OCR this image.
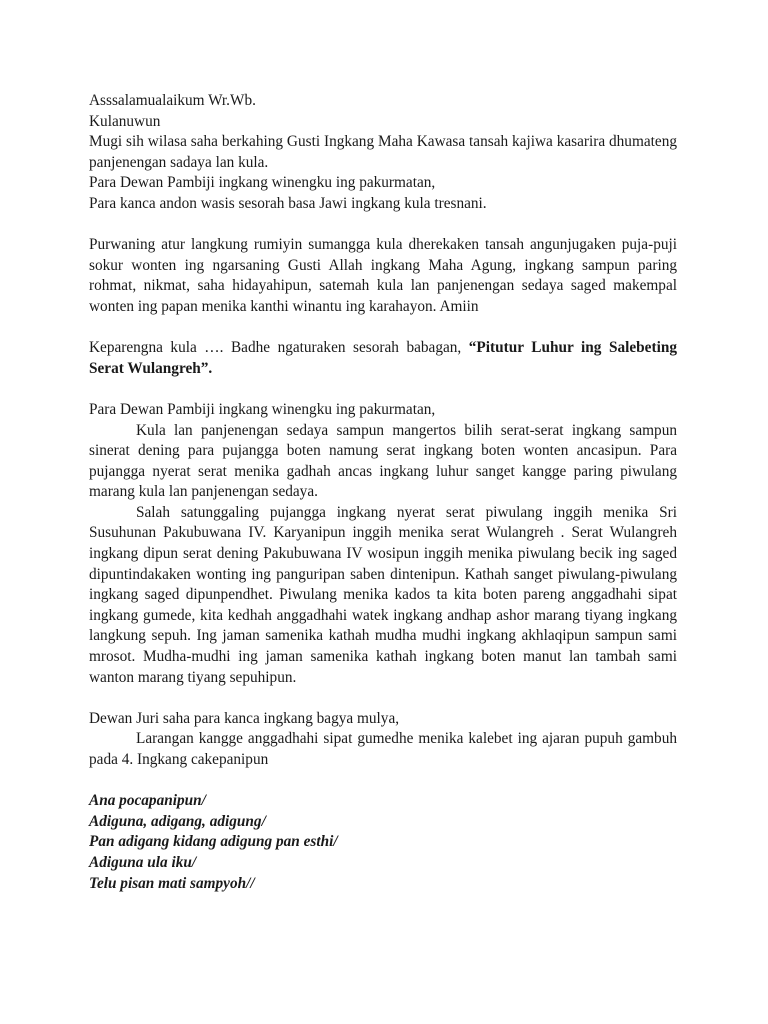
Asssalamualaikum Wr.Wb.

Kulanuwun

Mugi sih wilasa saha berkahing Gusti Ingkang Maha Kawasa tansah kajiwa kasarira dhumateng panjenengan sadaya lan kula.

Para Dewan Pambiji ingkang winengku ing pakurmatan,

Para kanca andon wasis sesorah basa Jawi ingkang kula tresnani.

Purwaning atur langkung rumiyin sumangga kula dherekaken tansah angunjugaken puja-puji sokur wonten ing ngarsaning Gusti Allah ingkang Maha Agung, ingkang sampun paring rohmat, nikmat, saha hidayahipun, satemah kula lan panjenengan sedaya saged makempal wonten ing papan menika kanthi winantu ing karahayon. Amiin

Keparengna kula …. Badhe ngaturaken sesorah babagan, “Pitutur Luhur ing Salebeting Serat Wulangreh”.

Para Dewan Pambiji ingkang winengku ing pakurmatan,

Kula lan panjenengan sedaya sampun mangertos bilih serat-serat ingkang sampun sinerat dening para pujangga boten namung serat ingkang boten wonten ancasipun. Para pujangga nyerat serat menika gadhah ancas ingkang luhur sanget kangge paring piwulang marang kula lan panjenengan sedaya.

Salah satunggaling pujangga ingkang nyerat serat piwulang inggih menika Sri Susuhunan Pakubuwana IV. Karyanipun inggih menika serat Wulangreh . Serat Wulangreh ingkang dipun serat dening Pakubuwana IV wosipun inggih menika piwulang becik ing saged dipuntindakaken wonting ing panguripan saben dintenipun. Kathah sanget piwulang-piwulang ingkang saged dipunpendhet. Piwulang menika kados ta kita boten pareng anggadhahi sipat ingkang gumede, kita kedhah anggadhahi watek ingkang andhap ashor marang tiyang ingkang langkung sepuh. Ing jaman samenika kathah mudha mudhi ingkang akhlaqipun sampun sami mrosot. Mudha-mudhi ing jaman samenika kathah ingkang boten manut lan tambah sami wanton marang tiyang sepuhipun.

Dewan Juri saha para kanca ingkang bagya mulya,

Larangan kangge anggadhahi sipat gumedhe menika kalebet ing ajaran pupuh gambuh pada 4. Ingkang cakepanipun

Ana pocapanipun/

Adiguna, adigang, adigung/

Pan adigang kidang adigung pan esthi/

Adiguna ula iku/

Telu pisan mati sampyoh//
